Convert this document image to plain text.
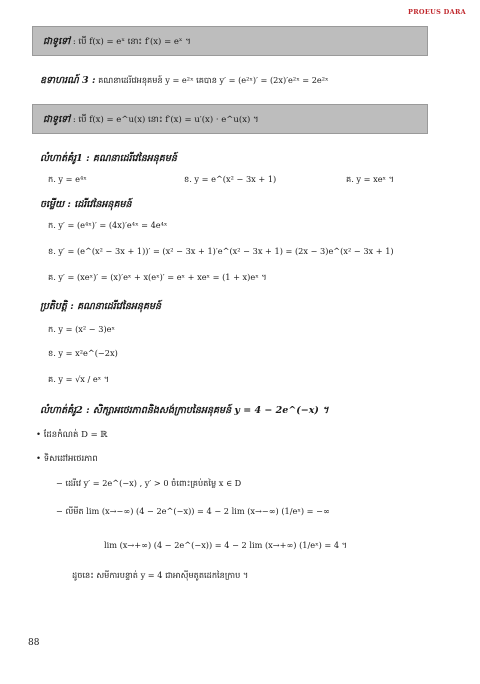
PROEUS DARA
ជាទូទៅ : បើ f(x) = eˣ នោះ f′(x) = eˣ ។
ឧទាហរណ៍ 3 : គណនាដេរីវេអនុគមន៍ y = e²ˣ គេបាន y′ = (e²ˣ)′ = (2x)′e²ˣ = 2e²ˣ
ជាទូទៅ : បើ f(x) = e^u(x) នោះ f′(x) = u′(x) · e^u(x) ។
លំហាត់គំរូ1 : គណនាដេរីវេនៃអនុគមន៍
ក. y = e⁴ˣ	ខ. y = e^(x² − 3x + 1)	គ. y = xeˣ ។
ចម្លើយ : ដេរីវេនៃអនុគមន៍
ក. y′ = (e⁴ˣ)′ = (4x)′e⁴ˣ = 4e⁴ˣ
ខ. y′ = (e^(x² − 3x + 1))′ = (x² − 3x + 1)′e^(x² − 3x + 1) = (2x − 3)e^(x² − 3x + 1)
គ. y′ = (xeˣ)′ = (x)′eˣ + x(eˣ)′ = eˣ + xeˣ = (1 + x)eˣ ។
ប្រតិបត្តិ : គណនាដេរីវេនៃអនុគមន៍
ក. y = (x² − 3)eˣ
ខ. y = x²e^(−2x)
គ. y = √x / eˣ ។
លំហាត់គំរូ2 : សិក្សាអថេរភាពនិងសង់ក្រាបនៃអនុគមន៍ y = 4 − 2e^(−x) ។
• ដែនកំណត់ D = ℝ
• ទិសដៅអថេរភាព
− ដេរីវេ y′ = 2e^(−x) , y′ > 0 ចំពោះគ្រប់តម្លៃ x ∈ D
− លីមីត lim (x→−∞) (4 − 2e^(−x)) = 4 − 2 lim (x→−∞) (1/eˣ) = −∞
lim (x→+∞) (4 − 2e^(−x)) = 4 − 2 lim (x→+∞) (1/eˣ) = 4 ។
ដូចនេះ សមីការបន្ទាត់ y = 4 ជាអាស៊ីមតូតដេកនៃក្រាប ។
88
